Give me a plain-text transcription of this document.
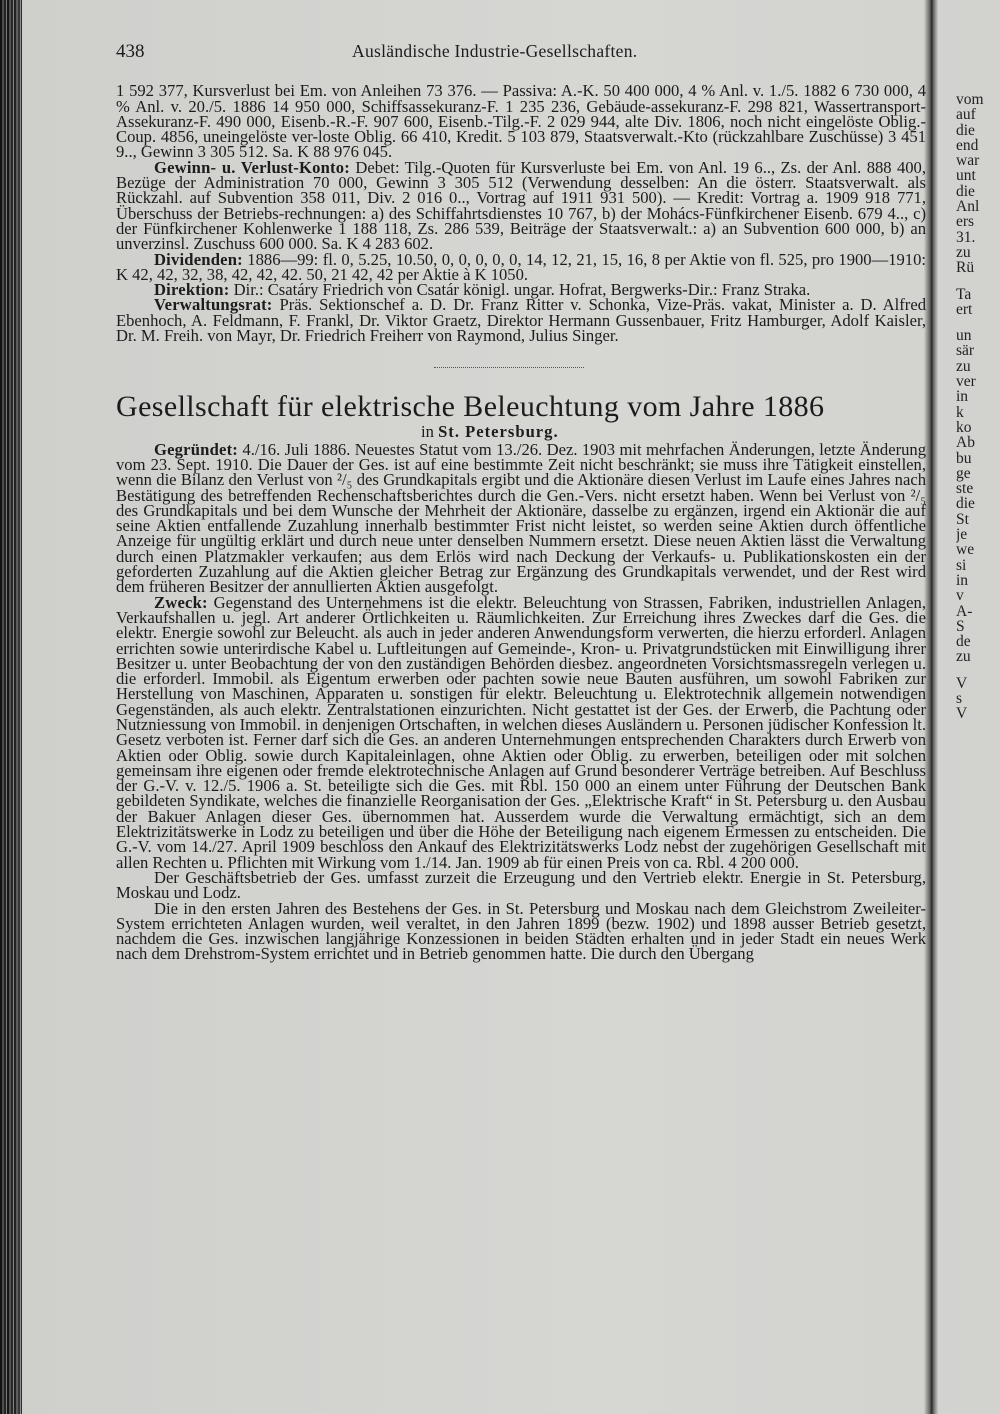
438	Ausländische Industrie-Gesellschaften.

1 592 377, Kursverlust bei Em. von Anleihen 73 376. — Passiva: A.-K. 50 400 000, 4 % Anl. v. 1./5. 1882 6 730 000, 4 % Anl. v. 20./5. 1886 14 950 000, Schiffsassekuranz-F. 1 235 236, Gebäude-assekuranz-F. 298 821, Wassertransport-Assekuranz-F. 490 000, Eisenb.-R.-F. 907 600, Eisenb.-Tilg.-F. 2 029 944, alte Div. 1806, noch nicht eingelöste Oblig.-Coup. 4856, uneingelöste ver-loste Oblig. 66 410, Kredit. 5 103 879, Staatsverwalt.-Kto (rückzahlbare Zuschüsse) 3 451 9.., Gewinn 3 305 512. Sa. K 88 976 045.

Gewinn- u. Verlust-Konto: Debet: Tilg.-Quoten für Kursverluste bei Em. von Anl. 19 6.., Zs. der Anl. 888 400, Bezüge der Administration 70 000, Gewinn 3 305 512 (Verwendung desselben: An die österr. Staatsverwalt. als Rückzahl. auf Subvention 358 011, Div. 2 016 0.., Vortrag auf 1911 931 500). — Kredit: Vortrag a. 1909 918 771, Überschuss der Betriebs-rechnungen: a) des Schiffahrtsdienstes 10 767, b) der Mohács-Fünfkirchener Eisenb. 679 4.., c) der Fünfkirchener Kohlenwerke 1 188 118, Zs. 286 539, Beiträge der Staatsverwalt.: a) an Subvention 600 000, b) an unverzinsl. Zuschuss 600 000. Sa. K 4 283 602.

Dividenden: 1886—99: fl. 0, 5.25, 10.50, 0, 0, 0, 0, 0, 14, 12, 21, 15, 16, 8 per Aktie von fl. 525, pro 1900—1910: K 42, 42, 32, 38, 42, 42, 42. 50, 21 42, 42 per Aktie à K 1050.

Direktion: Dir.: Csatáry Friedrich von Csatár königl. ungar. Hofrat, Bergwerks-Dir.: Franz Straka.

Verwaltungsrat: Präs. Sektionschef a. D. Dr. Franz Ritter v. Schonka, Vize-Präs. vakat, Minister a. D. Alfred Ebenhoch, A. Feldmann, F. Frankl, Dr. Viktor Graetz, Direktor Hermann Gussenbauer, Fritz Hamburger, Adolf Kaisler, Dr. M. Freih. von Mayr, Dr. Friedrich Freiherr von Raymond, Julius Singer.

Gesellschaft für elektrische Beleuchtung vom Jahre 1886
in St. Petersburg.

Gegründet: 4./16. Juli 1886. Neuestes Statut vom 13./26. Dez. 1903 mit mehrfachen Änderungen, letzte Änderung vom 23. Sept. 1910. Die Dauer der Ges. ist auf eine bestimmte Zeit nicht beschränkt; sie muss ihre Tätigkeit einstellen, wenn die Bilanz den Verlust von ²/₅ des Grundkapitals ergibt und die Aktionäre diesen Verlust im Laufe eines Jahres nach Bestätigung des betreffenden Rechenschaftsberichtes durch die Gen.-Vers. nicht ersetzt haben. Wenn bei Verlust von ²/₅ des Grundkapitals und bei dem Wunsche der Mehrheit der Aktionäre, dasselbe zu ergänzen, irgend ein Aktionär die auf seine Aktien entfallende Zuzahlung innerhalb bestimmter Frist nicht leistet, so werden seine Aktien durch öffentliche Anzeige für ungültig erklärt und durch neue unter denselben Nummern ersetzt. Diese neuen Aktien lässt die Verwaltung durch einen Platzmakler verkaufen; aus dem Erlös wird nach Deckung der Verkaufs- u. Publikationskosten ein der geforderten Zuzahlung auf die Aktien gleicher Betrag zur Ergänzung des Grundkapitals verwendet, und der Rest wird dem früheren Besitzer der annullierten Aktien ausgefolgt.

Zweck: Gegenstand des Unternehmens ist die elektr. Beleuchtung von Strassen, Fabriken, industriellen Anlagen, Verkaufshallen u. jegl. Art anderer Örtlichkeiten u. Räumlichkeiten. Zur Erreichung ihres Zweckes darf die Ges. die elektr. Energie sowohl zur Beleucht. als auch in jeder anderen Anwendungsform verwerten, die hierzu erforderl. Anlagen errichten sowie unterirdische Kabel u. Luftleitungen auf Gemeinde-, Kron- u. Privatgrundstücken mit Einwilligung ihrer Besitzer u. unter Beobachtung der von den zuständigen Behörden diesbez. angeordneten Vorsichtsmassregeln verlegen u. die erforderl. Immobil. als Eigentum erwerben oder pachten sowie neue Bauten ausführen, um sowohl Fabriken zur Herstellung von Maschinen, Apparaten u. sonstigen für elektr. Beleuchtung u. Elektrotechnik allgemein notwendigen Gegenständen, als auch elektr. Zentralstationen einzurichten. Nicht gestattet ist der Ges. der Erwerb, die Pachtung oder Nutzniessung von Immobil. in denjenigen Ortschaften, in welchen dieses Ausländern u. Personen jüdischer Konfession lt. Gesetz verboten ist. Ferner darf sich die Ges. an anderen Unternehmungen entsprechenden Charakters durch Erwerb von Aktien oder Oblig. sowie durch Kapitaleinlagen, ohne Aktien oder Oblig. zu erwerben, beteiligen oder mit solchen gemeinsam ihre eigenen oder fremde elektrotechnische Anlagen auf Grund besonderer Verträge betreiben. Auf Beschluss der G.-V. v. 12./5. 1906 a. St. beteiligte sich die Ges. mit Rbl. 150 000 an einem unter Führung der Deutschen Bank gebildeten Syndikate, welches die finanzielle Reorganisation der Ges. „Elektrische Kraft“ in St. Petersburg u. den Ausbau der Bakuer Anlagen dieser Ges. übernommen hat. Ausserdem wurde die Verwaltung ermächtigt, sich an dem Elektrizitätswerke in Lodz zu beteiligen und über die Höhe der Beteiligung nach eigenem Ermessen zu entscheiden. Die G.-V. vom 14./27. April 1909 beschloss den Ankauf des Elektrizitätswerks Lodz nebst der zugehörigen Gesellschaft mit allen Rechten u. Pflichten mit Wirkung vom 1./14. Jan. 1909 ab für einen Preis von ca. Rbl. 4 200 000.

Der Geschäftsbetrieb der Ges. umfasst zurzeit die Erzeugung und den Vertrieb elektr. Energie in St. Petersburg, Moskau und Lodz.

Die in den ersten Jahren des Bestehens der Ges. in St. Petersburg und Moskau nach dem Gleichstrom Zweileiter-System errichteten Anlagen wurden, weil veraltet, in den Jahren 1899 (bezw. 1902) und 1898 ausser Betrieb gesetzt, nachdem die Ges. inzwischen langjährige Konzessionen in beiden Städten erhalten und in jeder Stadt ein neues Werk nach dem Drehstrom-System errichtet und in Betrieb genommen hatte. Die durch den Übergang

vom
auf
die
end
war
unt
die
Anl
ers
31.
zu
Rü
Ta
ert
un
sär
zu
ver
in
k
ko
Ab
bu
ge
ste
die
St
je
we
si
in
v
A-
S
de
zu
V
s
V
